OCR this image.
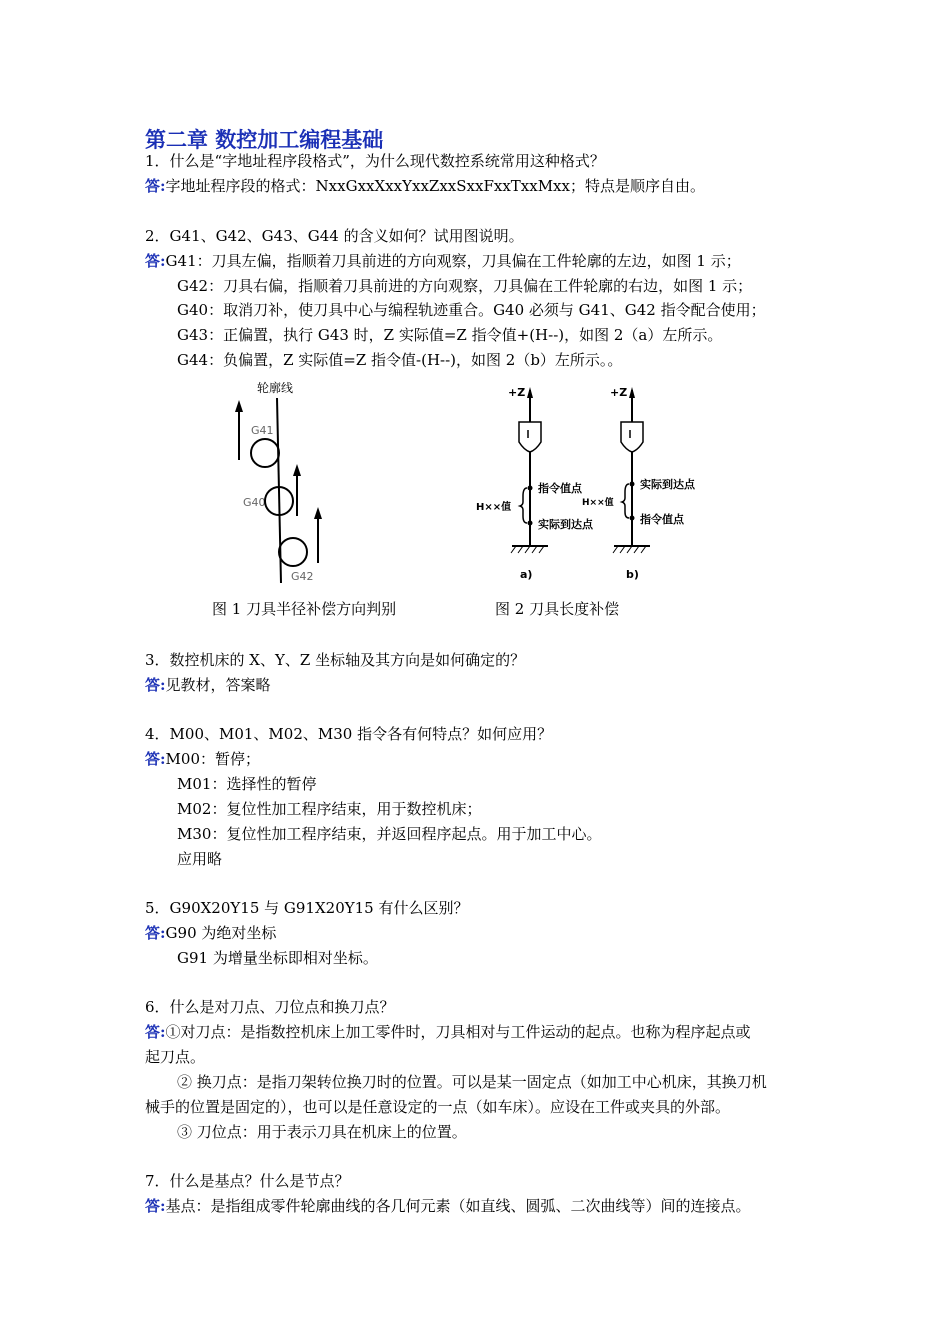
第二章 数控加工编程基础
1．什么是“字地址程序段格式”，为什么现代数控系统常用这种格式？
答:字地址程序段的格式：NxxGxxXxxYxxZxxSxxFxxTxxMxx；特点是顺序自由。
2．G41、G42、G43、G44 的含义如何？试用图说明。
答:G41：刀具左偏，指顺着刀具前进的方向观察，刀具偏在工件轮廓的左边，如图 1 示；
G42：刀具右偏，指顺着刀具前进的方向观察，刀具偏在工件轮廓的右边，如图 1 示；
G40：取消刀补，使刀具中心与编程轨迹重合。G40 必须与 G41、G42 指令配合使用；
G43：正偏置，执行 G43 时，Z 实际值=Z 指令值+(H--)，如图 2（a）左所示。
G44：负偏置，Z 实际值=Z 指令值-(H--)，如图 2（b）左所示。。
轮廓线
G41
G40
G42
+Z
指令值点
实际到达点
H××值
a)
+Z
实际到达点
指令值点
H××值
b)
图 1 刀具半径补偿方向判别	图 2 刀具长度补偿
3．数控机床的 X、Y、Z 坐标轴及其方向是如何确定的？
答:见教材，答案略
4．M00、M01、M02、M30 指令各有何特点？如何应用？
答:M00：暂停；
M01：选择性的暂停
M02：复位性加工程序结束，用于数控机床；
M30：复位性加工程序结束，并返回程序起点。用于加工中心。
应用略
5．G90X20Y15 与 G91X20Y15 有什么区别？
答:G90 为绝对坐标
G91 为增量坐标即相对坐标。
6．什么是对刀点、刀位点和换刀点？
答:①对刀点：是指数控机床上加工零件时，刀具相对与工件运动的起点。也称为程序起点或
起刀点。
② 换刀点：是指刀架转位换刀时的位置。可以是某一固定点（如加工中心机床，其换刀机
械手的位置是固定的），也可以是任意设定的一点（如车床）。应设在工件或夹具的外部。
③ 刀位点：用于表示刀具在机床上的位置。
7．什么是基点？什么是节点？
答:基点：是指组成零件轮廓曲线的各几何元素（如直线、圆弧、二次曲线等）间的连接点。
